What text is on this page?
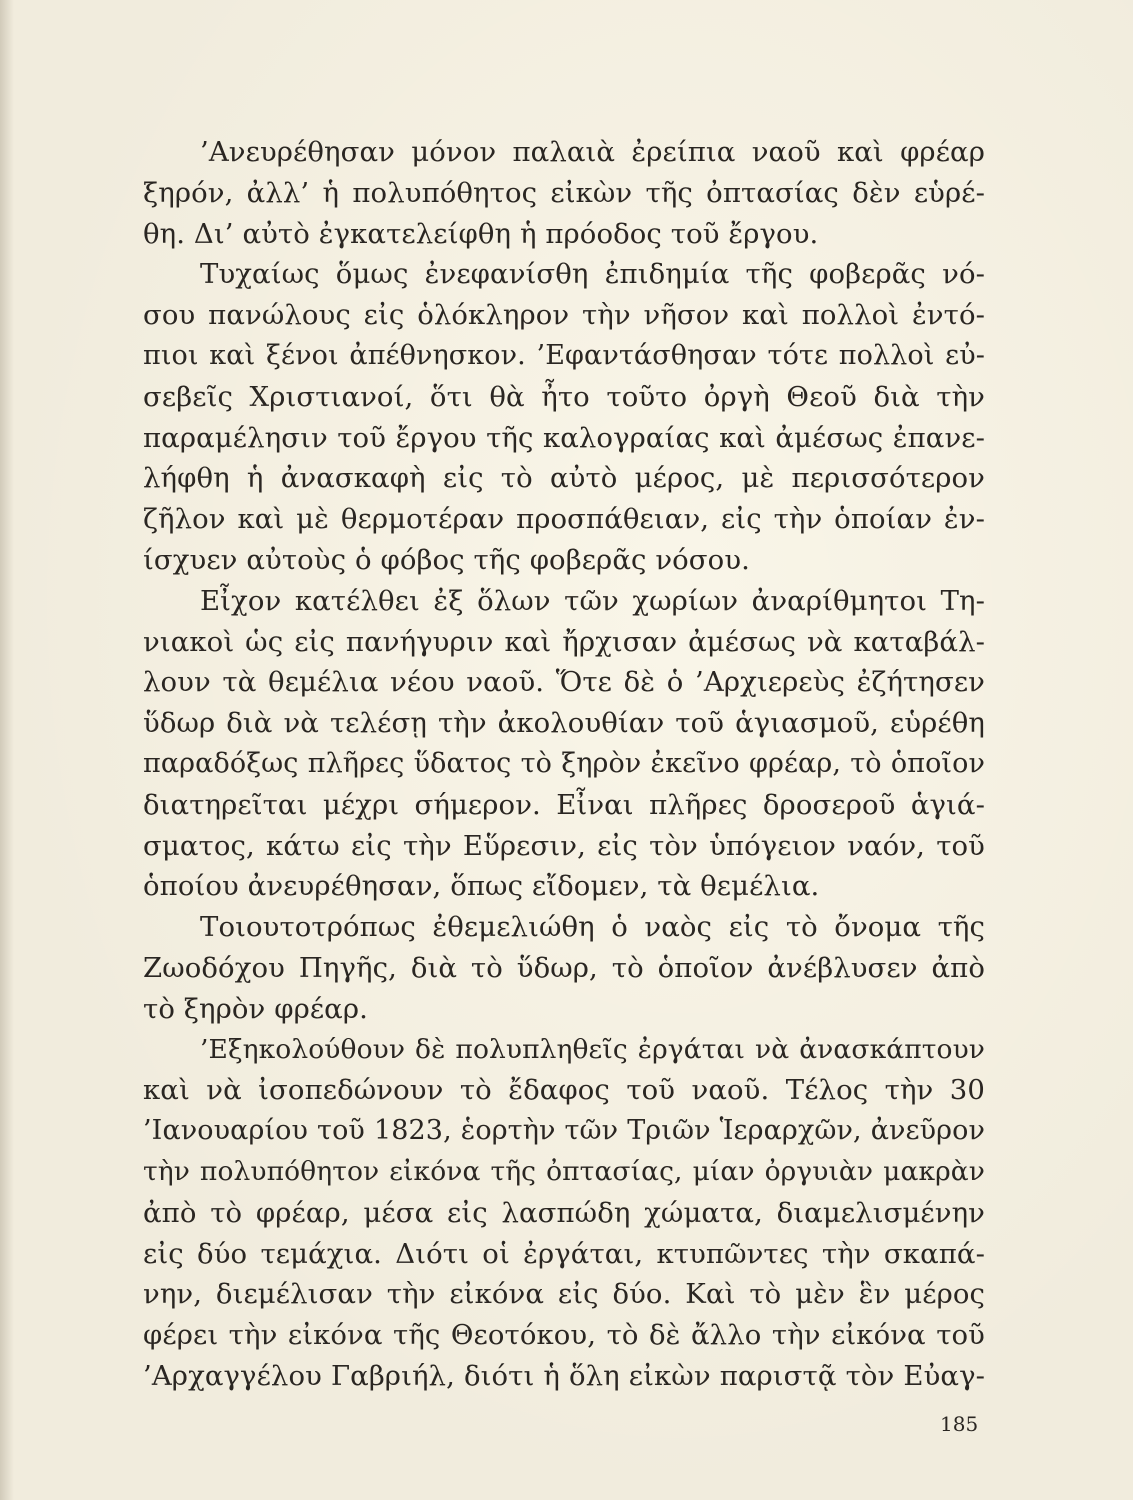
’Ανευρέθησαν μόνον παλαιὰ ἐρείπια ναοῦ καὶ φρέαρ
ξηρόν, ἀλλ’ ἡ πολυπόθητος εἰκὼν τῆς ὀπτασίας δὲν εὑρέ-
θη. Δι’ αὐτὸ ἐγκατελείφθη ἡ πρόοδος τοῦ ἔργου.
Τυχαίως ὅμως ἐνεφανίσθη ἐπιδημία τῆς φοβερᾶς νό-
σου πανώλους εἰς ὁλόκληρον τὴν νῆσον καὶ πολλοὶ ἐντό-
πιοι καὶ ξένοι ἀπέθνησκον. ’Εφαντάσθησαν τότε πολλοὶ εὐ-
σεβεῖς Χριστιανοί, ὅτι θὰ ἦτο τοῦτο ὀργὴ Θεοῦ διὰ τὴν
παραμέλησιν τοῦ ἔργου τῆς καλογραίας καὶ ἀμέσως ἐπανε-
λήφθη ἡ ἀνασκαφὴ εἰς τὸ αὐτὸ μέρος, μὲ περισσότερον
ζῆλον καὶ μὲ θερμοτέραν προσπάθειαν, εἰς τὴν ὁποίαν ἐν-
ίσχυεν αὐτοὺς ὁ φόβος τῆς φοβερᾶς νόσου.
Εἶχον κατέλθει ἐξ ὅλων τῶν χωρίων ἀναρίθμητοι Τη-
νιακοὶ ὡς εἰς πανήγυριν καὶ ἤρχισαν ἀμέσως νὰ καταβάλ-
λουν τὰ θεμέλια νέου ναοῦ. Ὅτε δὲ ὁ ’Αρχιερεὺς ἐζήτησεν
ὕδωρ διὰ νὰ τελέσῃ τὴν ἀκολουθίαν τοῦ ἁγιασμοῦ, εὑρέθη
παραδόξως πλῆρες ὕδατος τὸ ξηρὸν ἐκεῖνο φρέαρ, τὸ ὁποῖον
διατηρεῖται μέχρι σήμερον. Εἶναι πλῆρες δροσεροῦ ἁγιά-
σματος, κάτω εἰς τὴν Εὕρεσιν, εἰς τὸν ὑπόγειον ναόν, τοῦ
ὁποίου ἀνευρέθησαν, ὅπως εἴδομεν, τὰ θεμέλια.
Τοιουτοτρόπως ἐθεμελιώθη ὁ ναὸς εἰς τὸ ὄνομα τῆς
Ζωοδόχου Πηγῆς, διὰ τὸ ὕδωρ, τὸ ὁποῖον ἀνέβλυσεν ἀπὸ
τὸ ξηρὸν φρέαρ.
’Εξηκολούθουν δὲ πολυπληθεῖς ἐργάται νὰ ἀνασκάπτουν
καὶ νὰ ἰσοπεδώνουν τὸ ἔδαφος τοῦ ναοῦ. Τέλος τὴν 30
’Ιανουαρίου τοῦ 1823, ἑορτὴν τῶν Τριῶν Ἱεραρχῶν, ἀνεῦρον
τὴν πολυπόθητον εἰκόνα τῆς ὀπτασίας, μίαν ὀργυιὰν μακρὰν
ἀπὸ τὸ φρέαρ, μέσα εἰς λασπώδη χώματα, διαμελισμένην
εἰς δύο τεμάχια. Διότι οἱ ἐργάται, κτυπῶντες τὴν σκαπά-
νην, διεμέλισαν τὴν εἰκόνα εἰς δύο. Καὶ τὸ μὲν ἓν μέρος
φέρει τὴν εἰκόνα τῆς Θεοτόκου, τὸ δὲ ἄλλο τὴν εἰκόνα τοῦ
’Αρχαγγέλου Γαβριήλ, διότι ἡ ὅλη εἰκὼν παριστᾷ τὸν Εὐαγ-
185
